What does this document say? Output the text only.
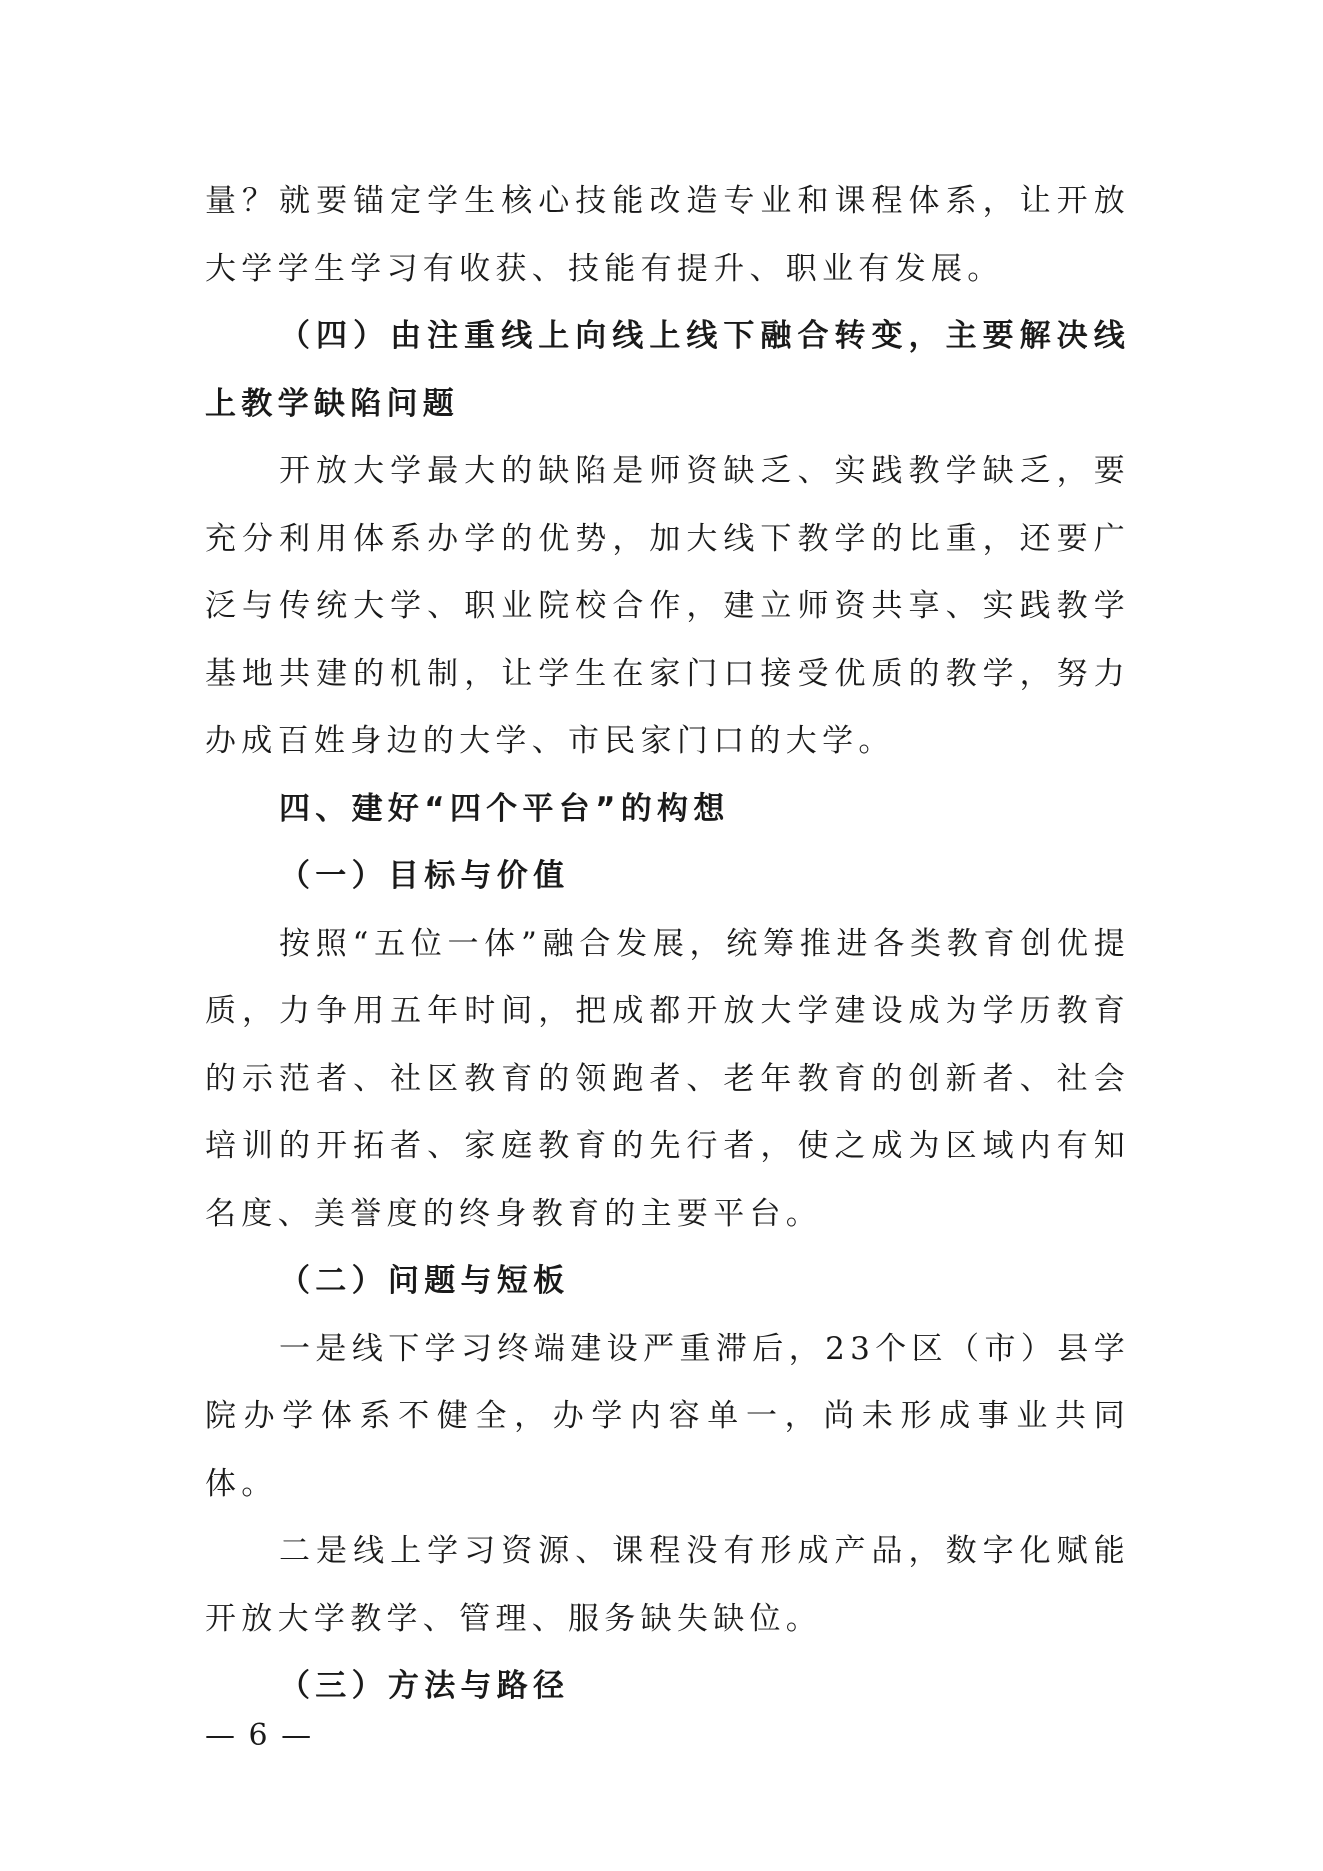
量？就要锚定学生核心技能改造专业和课程体系，让开放大学学生学习有收获、技能有提升、职业有发展。

（四）由注重线上向线上线下融合转变，主要解决线上教学缺陷问题

开放大学最大的缺陷是师资缺乏、实践教学缺乏，要充分利用体系办学的优势，加大线下教学的比重，还要广泛与传统大学、职业院校合作，建立师资共享、实践教学基地共建的机制，让学生在家门口接受优质的教学，努力办成百姓身边的大学、市民家门口的大学。

四、建好“四个平台”的构想

（一）目标与价值

按照“五位一体”融合发展，统筹推进各类教育创优提质，力争用五年时间，把成都开放大学建设成为学历教育的示范者、社区教育的领跑者、老年教育的创新者、社会培训的开拓者、家庭教育的先行者，使之成为区域内有知名度、美誉度的终身教育的主要平台。

（二）问题与短板

一是线下学习终端建设严重滞后，23个区（市）县学院办学体系不健全，办学内容单一，尚未形成事业共同体。

二是线上学习资源、课程没有形成产品，数字化赋能开放大学教学、管理、服务缺失缺位。

（三）方法与路径

— 6 —
